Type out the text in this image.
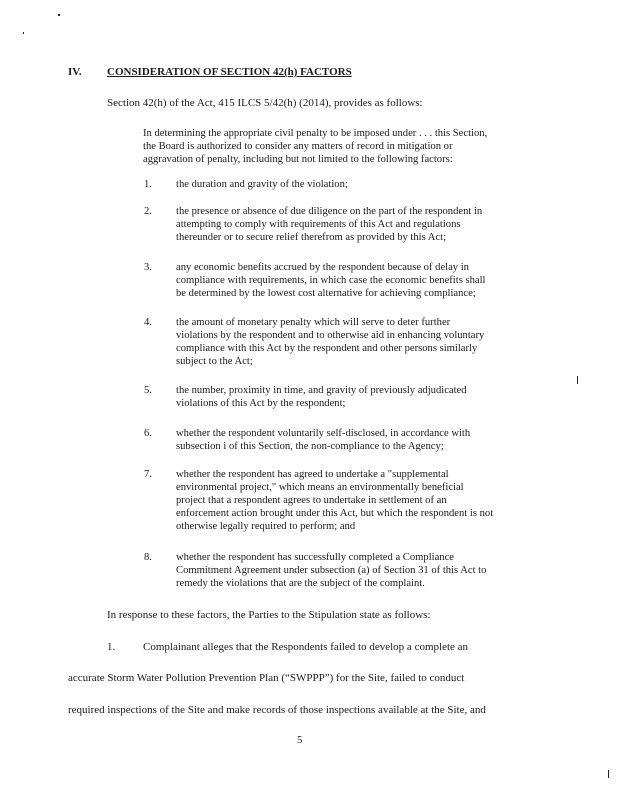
IV. CONSIDERATION OF SECTION 42(h) FACTORS
Section 42(h) of the Act, 415 ILCS 5/42(h) (2014), provides as follows:
In determining the appropriate civil penalty to be imposed under . . . this Section,
the Board is authorized to consider any matters of record in mitigation or
aggravation of penalty, including but not limited to the following factors:
1. the duration and gravity of the violation;
2. the presence or absence of due diligence on the part of the respondent in
attempting to comply with requirements of this Act and regulations
thereunder or to secure relief therefrom as provided by this Act;
3. any economic benefits accrued by the respondent because of delay in
compliance with requirements, in which case the economic benefits shall
be determined by the lowest cost alternative for achieving compliance;
4. the amount of monetary penalty which will serve to deter further
violations by the respondent and to otherwise aid in enhancing voluntary
compliance with this Act by the respondent and other persons similarly
subject to the Act;
5. the number, proximity in time, and gravity of previously adjudicated
violations of this Act by the respondent;
6. whether the respondent voluntarily self-disclosed, in accordance with
subsection i of this Section, the non-compliance to the Agency;
7. whether the respondent has agreed to undertake a "supplemental
environmental project," which means an environmentally beneficial
project that a respondent agrees to undertake in settlement of an
enforcement action brought under this Act, but which the respondent is not
otherwise legally required to perform; and
8. whether the respondent has successfully completed a Compliance
Commitment Agreement under subsection (a) of Section 31 of this Act to
remedy the violations that are the subject of the complaint.
In response to these factors, the Parties to the Stipulation state as follows:
1.	Complainant alleges that the Respondents failed to develop a complete an
accurate Storm Water Pollution Prevention Plan (“SWPPP”) for the Site, failed to conduct
required inspections of the Site and make records of those inspections available at the Site, and
5
